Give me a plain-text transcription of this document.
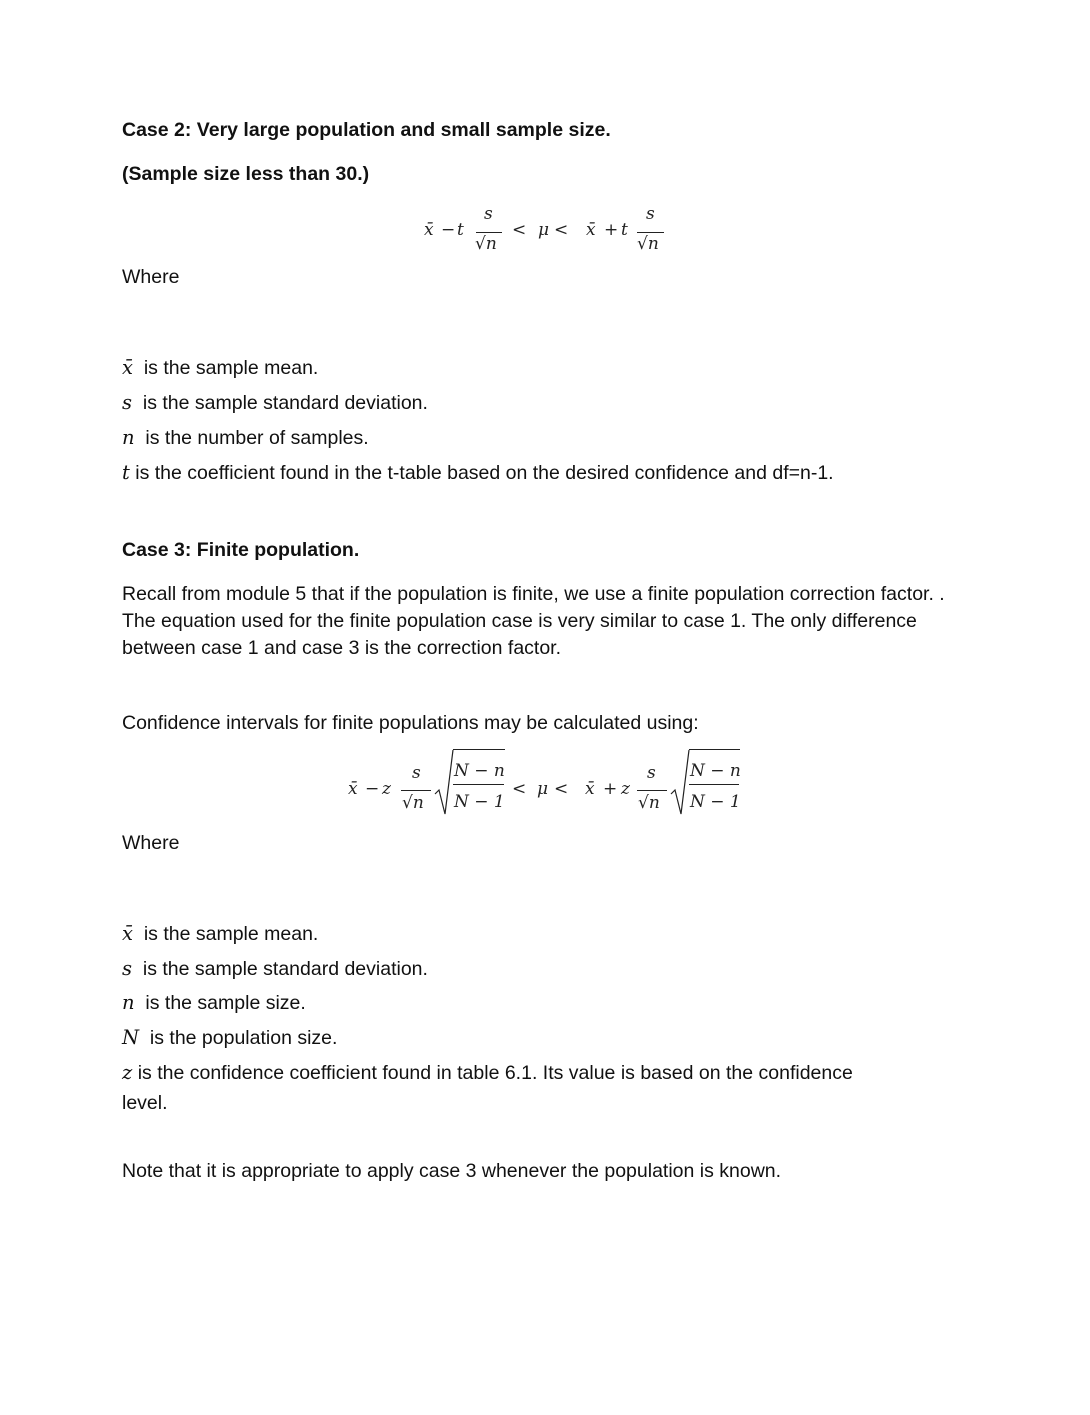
Case 2: Very large population and small sample size.
(Sample size less than 30.)
x̄ − t
s
√n
< μ < x̄ + t
s
√n
Where
x̄ is the sample mean.
s is the sample standard deviation.
n is the number of samples.
t is the coefficient found in the t-table based on the desired confidence and df=n-1.
Case 3: Finite population.
Recall from module 5 that if the population is finite, we use a finite population correction factor. .
The equation used for the finite population case is very similar to case 1. The only difference
between case 1 and case 3 is the correction factor.
Confidence intervals for finite populations may be calculated using:
x̄ − z
s
√n
N − n
N − 1
< μ < x̄ + z
s
√n
N − n
N − 1
Where
x̄ is the sample mean.
s is the sample standard deviation.
n is the sample size.
N is the population size.
z is the confidence coefficient found in table 6.1. Its value is based on the confidence
level.
Note that it is appropriate to apply case 3 whenever the population is known.
